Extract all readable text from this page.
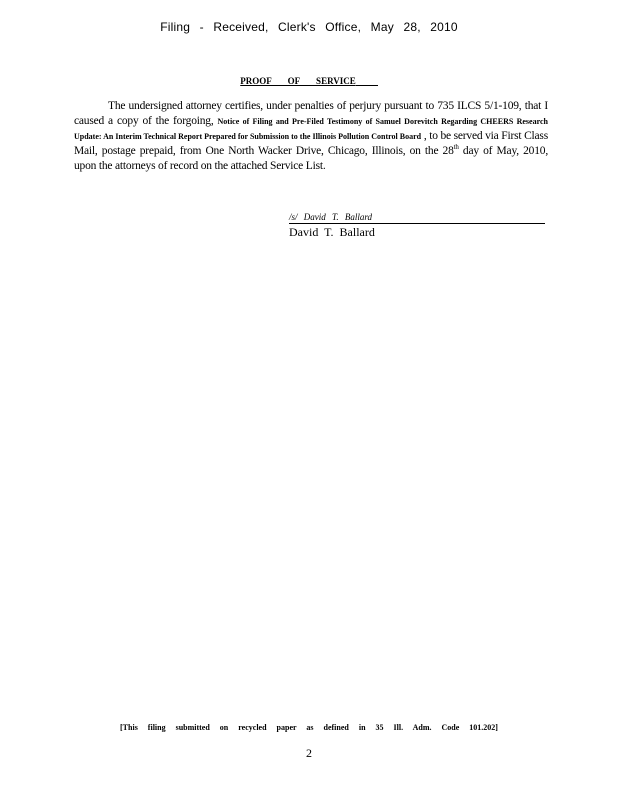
Filing - Received, Clerk's Office, May 28, 2010
PROOF OF SERVICE

The undersigned attorney certifies, under penalties of perjury pursuant to 735 ILCS 5/1-109, that I caused a copy of the forgoing, Notice of Filing and Pre-Filed Testimony of Samuel Dorevitch Regarding CHEERS Research Update: An Interim Technical Report Prepared for Submission to the Illinois Pollution Control Board , to be served via First Class Mail, postage prepaid, from One North Wacker Drive, Chicago, Illinois, on the 28th day of May, 2010, upon the attorneys of record on the attached Service List.

/s/ David T. Ballard
David T. Ballard
[This filing submitted on recycled paper as defined in 35 Ill. Adm. Code 101.202]
2
